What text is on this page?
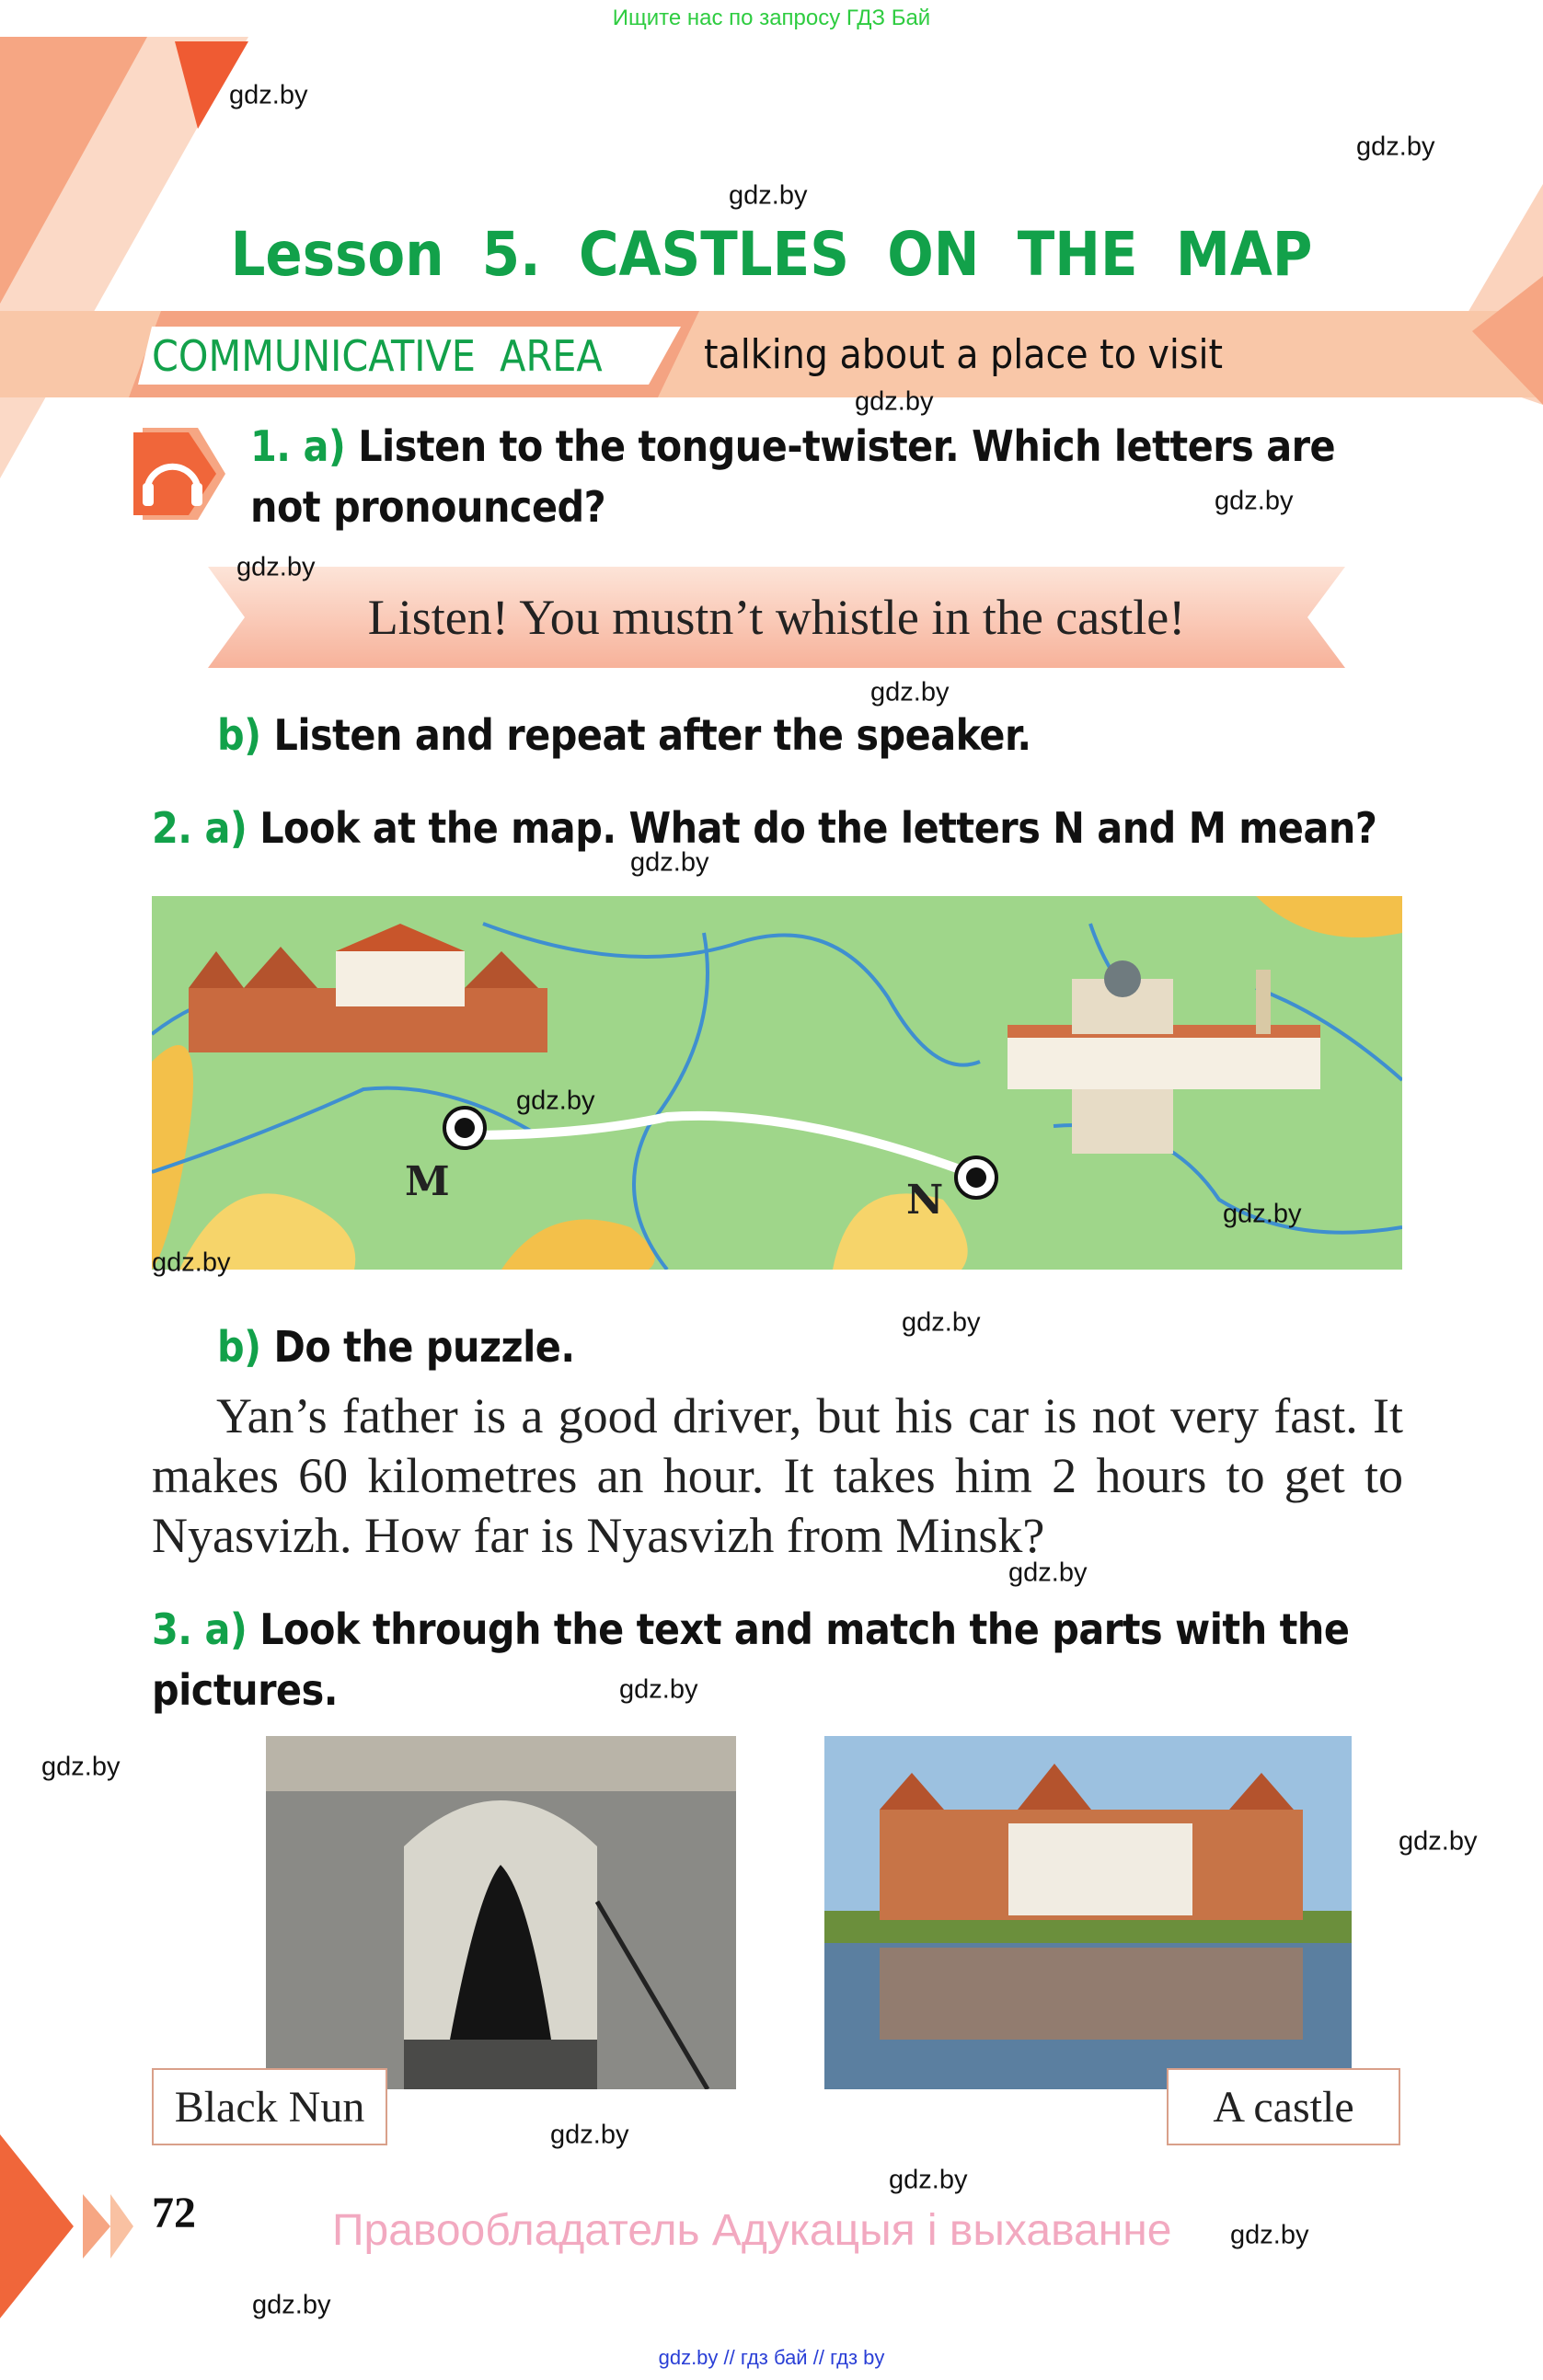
Ищите нас по запросу ГДЗ Бай
Lesson  5.  CASTLES  ON  THE  MAP
COMMUNICATIVE  AREA	talking about a place to visit
1. a) Listen to the tongue-twister. Which letters are
not pronounced?
Listen! You mustn’t whistle in the castle!
b) Listen and repeat after the speaker.
2. a) Look at the map. What do the letters N and M mean?
M	N
b) Do the puzzle.
Yan’s father is a good driver, but his car is not very fast. It makes 60 kilometres an hour. It takes him 2 hours to get to Nyasvizh. How far is Nyasvizh from Minsk?
3. a) Look through the text and match the parts with the
pictures.
Black Nun	A castle
72	Правообладатель Адукацыя і выхаванне
gdz.by // гдз бай // гдз by
gdz.by
gdz.by
gdz.by
gdz.by
gdz.by
gdz.by
gdz.by
gdz.by
gdz.by
gdz.by
gdz.by
gdz.by
gdz.by
gdz.by
gdz.by
gdz.by
gdz.by
gdz.by
gdz.by
gdz.by
